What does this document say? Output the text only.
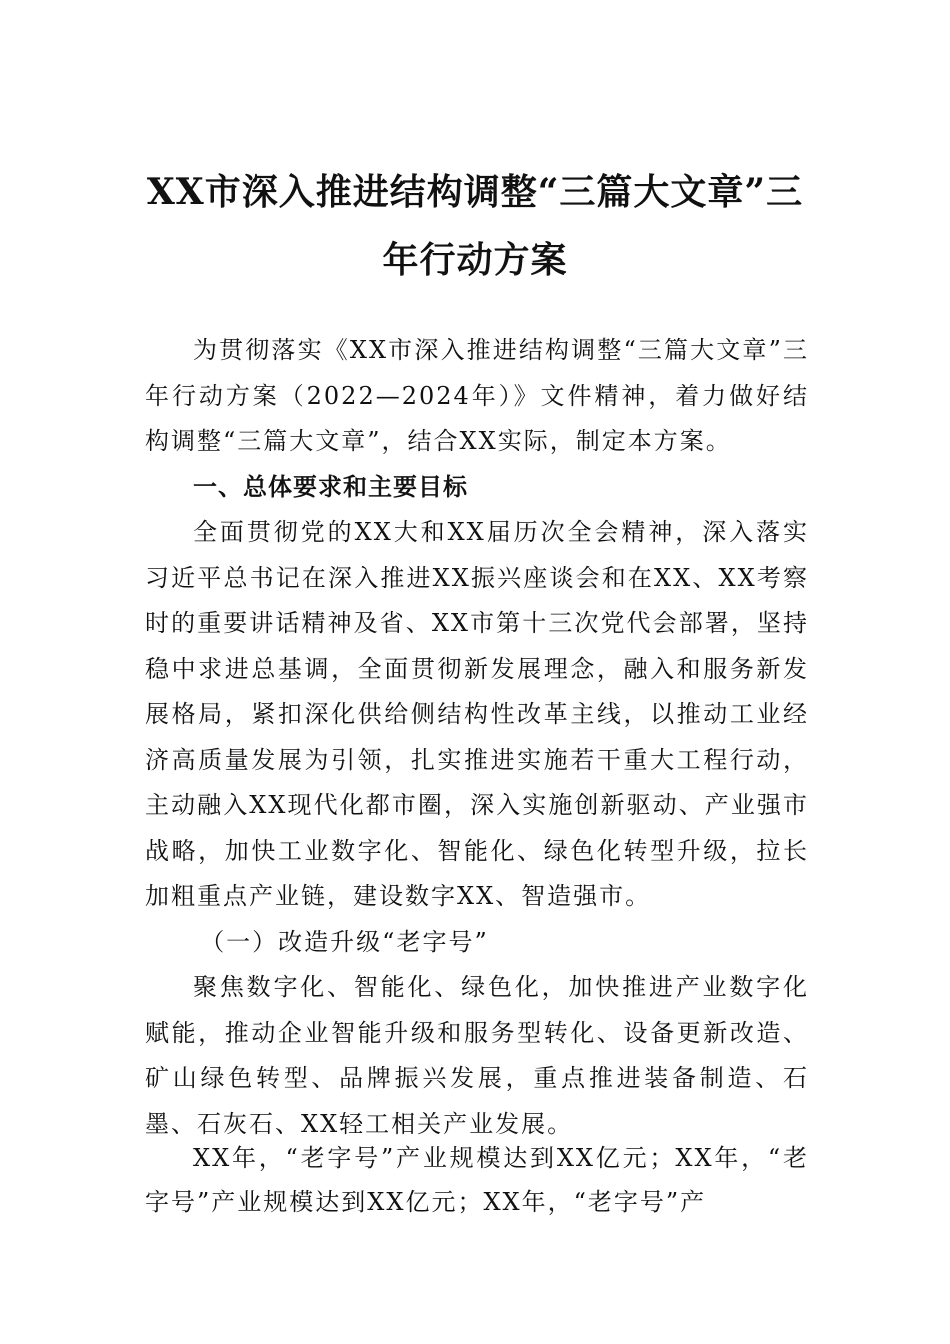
XX市深入推进结构调整“三篇大文章”三
年行动方案

为贯彻落实《XX市深入推进结构调整“三篇大文章”三年行动方案（2022—2024年）》文件精神，着力做好结构调整“三篇大文章”，结合XX实际，制定本方案。

一、总体要求和主要目标

全面贯彻党的XX大和XX届历次全会精神，深入落实习近平总书记在深入推进XX振兴座谈会和在XX、XX考察时的重要讲话精神及省、XX市第十三次党代会部署，坚持稳中求进总基调，全面贯彻新发展理念，融入和服务新发展格局，紧扣深化供给侧结构性改革主线，以推动工业经济高质量发展为引领，扎实推进实施若干重大工程行动，主动融入XX现代化都市圈，深入实施创新驱动、产业强市战略，加快工业数字化、智能化、绿色化转型升级，拉长加粗重点产业链，建设数字XX、智造强市。

（一）改造升级“老字号”

聚焦数字化、智能化、绿色化，加快推进产业数字化赋能，推动企业智能升级和服务型转化、设备更新改造、矿山绿色转型、品牌振兴发展，重点推进装备制造、石墨、石灰石、XX轻工相关产业发展。

XX年，“老字号”产业规模达到XX亿元；XX年，“老字号”产业规模达到XX亿元；XX年，“老字号”产
